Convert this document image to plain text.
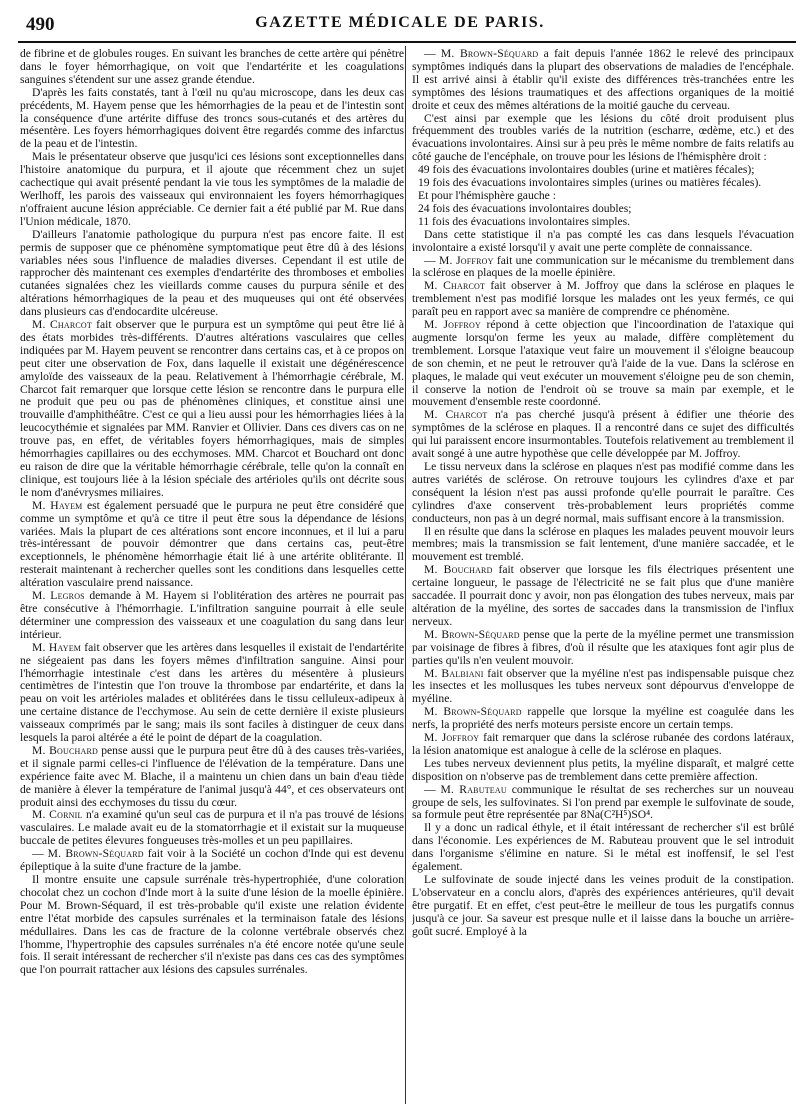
490	GAZETTE MÉDICALE DE PARIS.

de fibrine et de globules rouges. En suivant les branches de cette artère qui pénètre dans le foyer hémorrhagique, on voit que l'endartérite et les coagulations sanguines s'étendent sur une assez grande étendue.

D'après les faits constatés, tant à l'œil nu qu'au microscope, dans les deux cas précédents, M. Hayem pense que les hémorrhagies de la peau et de l'intestin sont la conséquence d'une artérite diffuse des troncs sous-cutanés et des artères du mésentère. Les foyers hémorrhagiques doivent être regardés comme des infarctus de la peau et de l'intestin.

Mais le présentateur observe que jusqu'ici ces lésions sont exceptionnelles dans l'histoire anatomique du purpura, et il ajoute que récemment chez un sujet cachectique qui avait présenté pendant la vie tous les symptômes de la maladie de Werlhoff, les parois des vaisseaux qui environnaient les foyers hémorrhagiques n'offraient aucune lésion appréciable. Ce dernier fait a été publié par M. Rue dans l'Union médicale, 1870.

D'ailleurs l'anatomie pathologique du purpura n'est pas encore faite. Il est permis de supposer que ce phénomène symptomatique peut être dû à des lésions variables nées sous l'influence de maladies diverses. Cependant il est utile de rapprocher dès maintenant ces exemples d'endartérite des thromboses et embolies cutanées signalées chez les vieillards comme causes du purpura sénile et des altérations hémorrhagiques de la peau et des muqueuses qui ont été observées dans plusieurs cas d'endocardite ulcéreuse.

M. Charcot fait observer que le purpura est un symptôme qui peut être lié à des états morbides très-différents. D'autres altérations vasculaires que celles indiquées par M. Hayem peuvent se rencontrer dans certains cas, et à ce propos on peut citer une observation de Fox, dans laquelle il existait une dégénérescence amyloïde des vaisseaux de la peau. Relativement à l'hémorrhagie cérébrale, M. Charcot fait remarquer que lorsque cette lésion se rencontre dans le purpura elle ne produit que peu ou pas de phénomènes cliniques, et constitue ainsi une trouvaille d'amphithéâtre. C'est ce qui a lieu aussi pour les hémorrhagies liées à la leucocythémie et signalées par MM. Ranvier et Ollivier. Dans ces divers cas on ne trouve pas, en effet, de véritables foyers hémorrhagiques, mais de simples hémorrhagies capillaires ou des ecchymoses. MM. Charcot et Bouchard ont donc eu raison de dire que la véritable hémorrhagie cérébrale, telle qu'on la connaît en clinique, est toujours liée à la lésion spéciale des artérioles qu'ils ont décrite sous le nom d'anévrysmes miliaires.

M. Hayem est également persuadé que le purpura ne peut être considéré que comme un symptôme et qu'à ce titre il peut être sous la dépendance de lésions variées. Mais la plupart de ces altérations sont encore inconnues, et il lui a paru très-intéressant de pouvoir démontrer que dans certains cas, peut-être exceptionnels, le phénomène hémorrhagie était lié à une artérite oblitérante. Il resterait maintenant à rechercher quelles sont les conditions dans lesquelles cette altération vasculaire prend naissance.

M. Legros demande à M. Hayem si l'oblitération des artères ne pourrait pas être consécutive à l'hémorrhagie. L'infiltration sanguine pourrait à elle seule déterminer une compression des vaisseaux et une coagulation du sang dans leur intérieur.

M. Hayem fait observer que les artères dans lesquelles il existait de l'endartérite ne siégeaient pas dans les foyers mêmes d'infiltration sanguine. Ainsi pour l'hémorrhagie intestinale c'est dans les artères du mésentère à plusieurs centimètres de l'intestin que l'on trouve la thrombose par endartérite, et dans la peau on voit les artérioles malades et oblitérées dans le tissu celluleux-adipeux à une certaine distance de l'ecchymose. Au sein de cette dernière il existe plusieurs vaisseaux comprimés par le sang; mais ils sont faciles à distinguer de ceux dans lesquels la paroi altérée a été le point de départ de la coagulation.

M. Bouchard pense aussi que le purpura peut être dû à des causes très-variées, et il signale parmi celles-ci l'influence de l'élévation de la température. Dans une expérience faite avec M. Blache, il a maintenu un chien dans un bain d'eau tiède de manière à élever la température de l'animal jusqu'à 44°, et ces observateurs ont produit ainsi des ecchymoses du tissu du cœur.

M. Cornil n'a examiné qu'un seul cas de purpura et il n'a pas trouvé de lésions vasculaires. Le malade avait eu de la stomatorrhagie et il existait sur la muqueuse buccale de petites élevures fongueuses très-molles et un peu papillaires.

— M. Brown-Séquard fait voir à la Société un cochon d'Inde qui est devenu épileptique à la suite d'une fracture de la jambe.

Il montre ensuite une capsule surrénale très-hypertrophiée, d'une coloration chocolat chez un cochon d'Inde mort à la suite d'une lésion de la moelle épinière. Pour M. Brown-Séquard, il est très-probable qu'il existe une relation évidente entre l'état morbide des capsules surrénales et la terminaison fatale des lésions médullaires. Dans les cas de fracture de la colonne vertébrale observés chez l'homme, l'hypertrophie des capsules surrénales n'a été encore notée qu'une seule fois. Il serait intéressant de rechercher s'il n'existe pas dans ces cas des symptômes que l'on pourrait rattacher aux lésions des capsules surrénales.

— M. Brown-Séquard a fait depuis l'année 1862 le relevé des principaux symptômes indiqués dans la plupart des observations de maladies de l'encéphale. Il est arrivé ainsi à établir qu'il existe des différences très-tranchées entre les symptômes des lésions traumatiques et des affections organiques de la moitié droite et ceux des mêmes altérations de la moitié gauche du cerveau.

C'est ainsi par exemple que les lésions du côté droit produisent plus fréquemment des troubles variés de la nutrition (escharre, œdème, etc.) et des évacuations involontaires. Ainsi sur à peu près le même nombre de faits relatifs au côté gauche de l'encéphale, on trouve pour les lésions de l'hémisphère droit :

49 fois des évacuations involontaires doubles (urine et matières fécales);

19 fois des évacuations involontaires simples (urines ou matières fécales).

Et pour l'hémisphère gauche :

24 fois des évacuations involontaires doubles;

11 fois des évacuations involontaires simples.

Dans cette statistique il n'a pas compté les cas dans lesquels l'évacuation involontaire a existé lorsqu'il y avait une perte complète de connaissance.

— M. Joffroy fait une communication sur le mécanisme du tremblement dans la sclérose en plaques de la moelle épinière.

M. Charcot fait observer à M. Joffroy que dans la sclérose en plaques le tremblement n'est pas modifié lorsque les malades ont les yeux fermés, ce qui paraît peu en rapport avec sa manière de comprendre ce phénomène.

M. Joffroy répond à cette objection que l'incoordination de l'ataxique qui augmente lorsqu'on ferme les yeux au malade, diffère complètement du tremblement. Lorsque l'ataxique veut faire un mouvement il s'éloigne beaucoup de son chemin, et ne peut le retrouver qu'à l'aide de la vue. Dans la sclérose en plaques, le malade qui veut exécuter un mouvement s'éloigne peu de son chemin, il conserve la notion de l'endroit où se trouve sa main par exemple, et le mouvement d'ensemble reste coordonné.

M. Charcot n'a pas cherché jusqu'à présent à édifier une théorie des symptômes de la sclérose en plaques. Il a rencontré dans ce sujet des difficultés qui lui paraissent encore insurmontables. Toutefois relativement au tremblement il avait songé à une autre hypothèse que celle développée par M. Joffroy.

Le tissu nerveux dans la sclérose en plaques n'est pas modifié comme dans les autres variétés de sclérose. On retrouve toujours les cylindres d'axe et par conséquent la lésion n'est pas aussi profonde qu'elle pourrait le paraître. Ces cylindres d'axe conservent très-probablement leurs propriétés comme conducteurs, non pas à un degré normal, mais suffisant encore à la transmission.

Il en résulte que dans la sclérose en plaques les malades peuvent mouvoir leurs membres; mais la transmission se fait lentement, d'une manière saccadée, et le mouvement est tremblé.

M. Bouchard fait observer que lorsque les fils électriques présentent une certaine longueur, le passage de l'électricité ne se fait plus que d'une manière saccadée. Il pourrait donc y avoir, non pas élongation des tubes nerveux, mais par altération de la myéline, des sortes de saccades dans la transmission de l'influx nerveux.

M. Brown-Séquard pense que la perte de la myéline permet une transmission par voisinage de fibres à fibres, d'où il résulte que les ataxiques font agir plus de parties qu'ils n'en veulent mouvoir.

M. Balbiani fait observer que la myéline n'est pas indispensable puisque chez les insectes et les mollusques les tubes nerveux sont dépourvus d'enveloppe de myéline.

M. Brown-Séquard rappelle que lorsque la myéline est coagulée dans les nerfs, la propriété des nerfs moteurs persiste encore un certain temps.

M. Joffroy fait remarquer que dans la sclérose rubanée des cordons latéraux, la lésion anatomique est analogue à celle de la sclérose en plaques.

Les tubes nerveux deviennent plus petits, la myéline disparaît, et malgré cette disposition on n'observe pas de tremblement dans cette première affection.

— M. Rabuteau communique le résultat de ses recherches sur un nouveau groupe de sels, les sulfovinates. Si l'on prend par exemple le sulfovinate de soude, sa formule peut être représentée par 8Na(C²H⁵)SO⁴.

Il y a donc un radical éthyle, et il était intéressant de rechercher s'il est brûlé dans l'économie. Les expériences de M. Rabuteau prouvent que le sel introduit dans l'organisme s'élimine en nature. Si le métal est inoffensif, le sel l'est également.

Le sulfovinate de soude injecté dans les veines produit de la constipation. L'observateur en a conclu alors, d'après des expériences antérieures, qu'il devait être purgatif. Et en effet, c'est peut-être le meilleur de tous les purgatifs connus jusqu'à ce jour. Sa saveur est presque nulle et il laisse dans la bouche un arrière-goût sucré. Employé à la
